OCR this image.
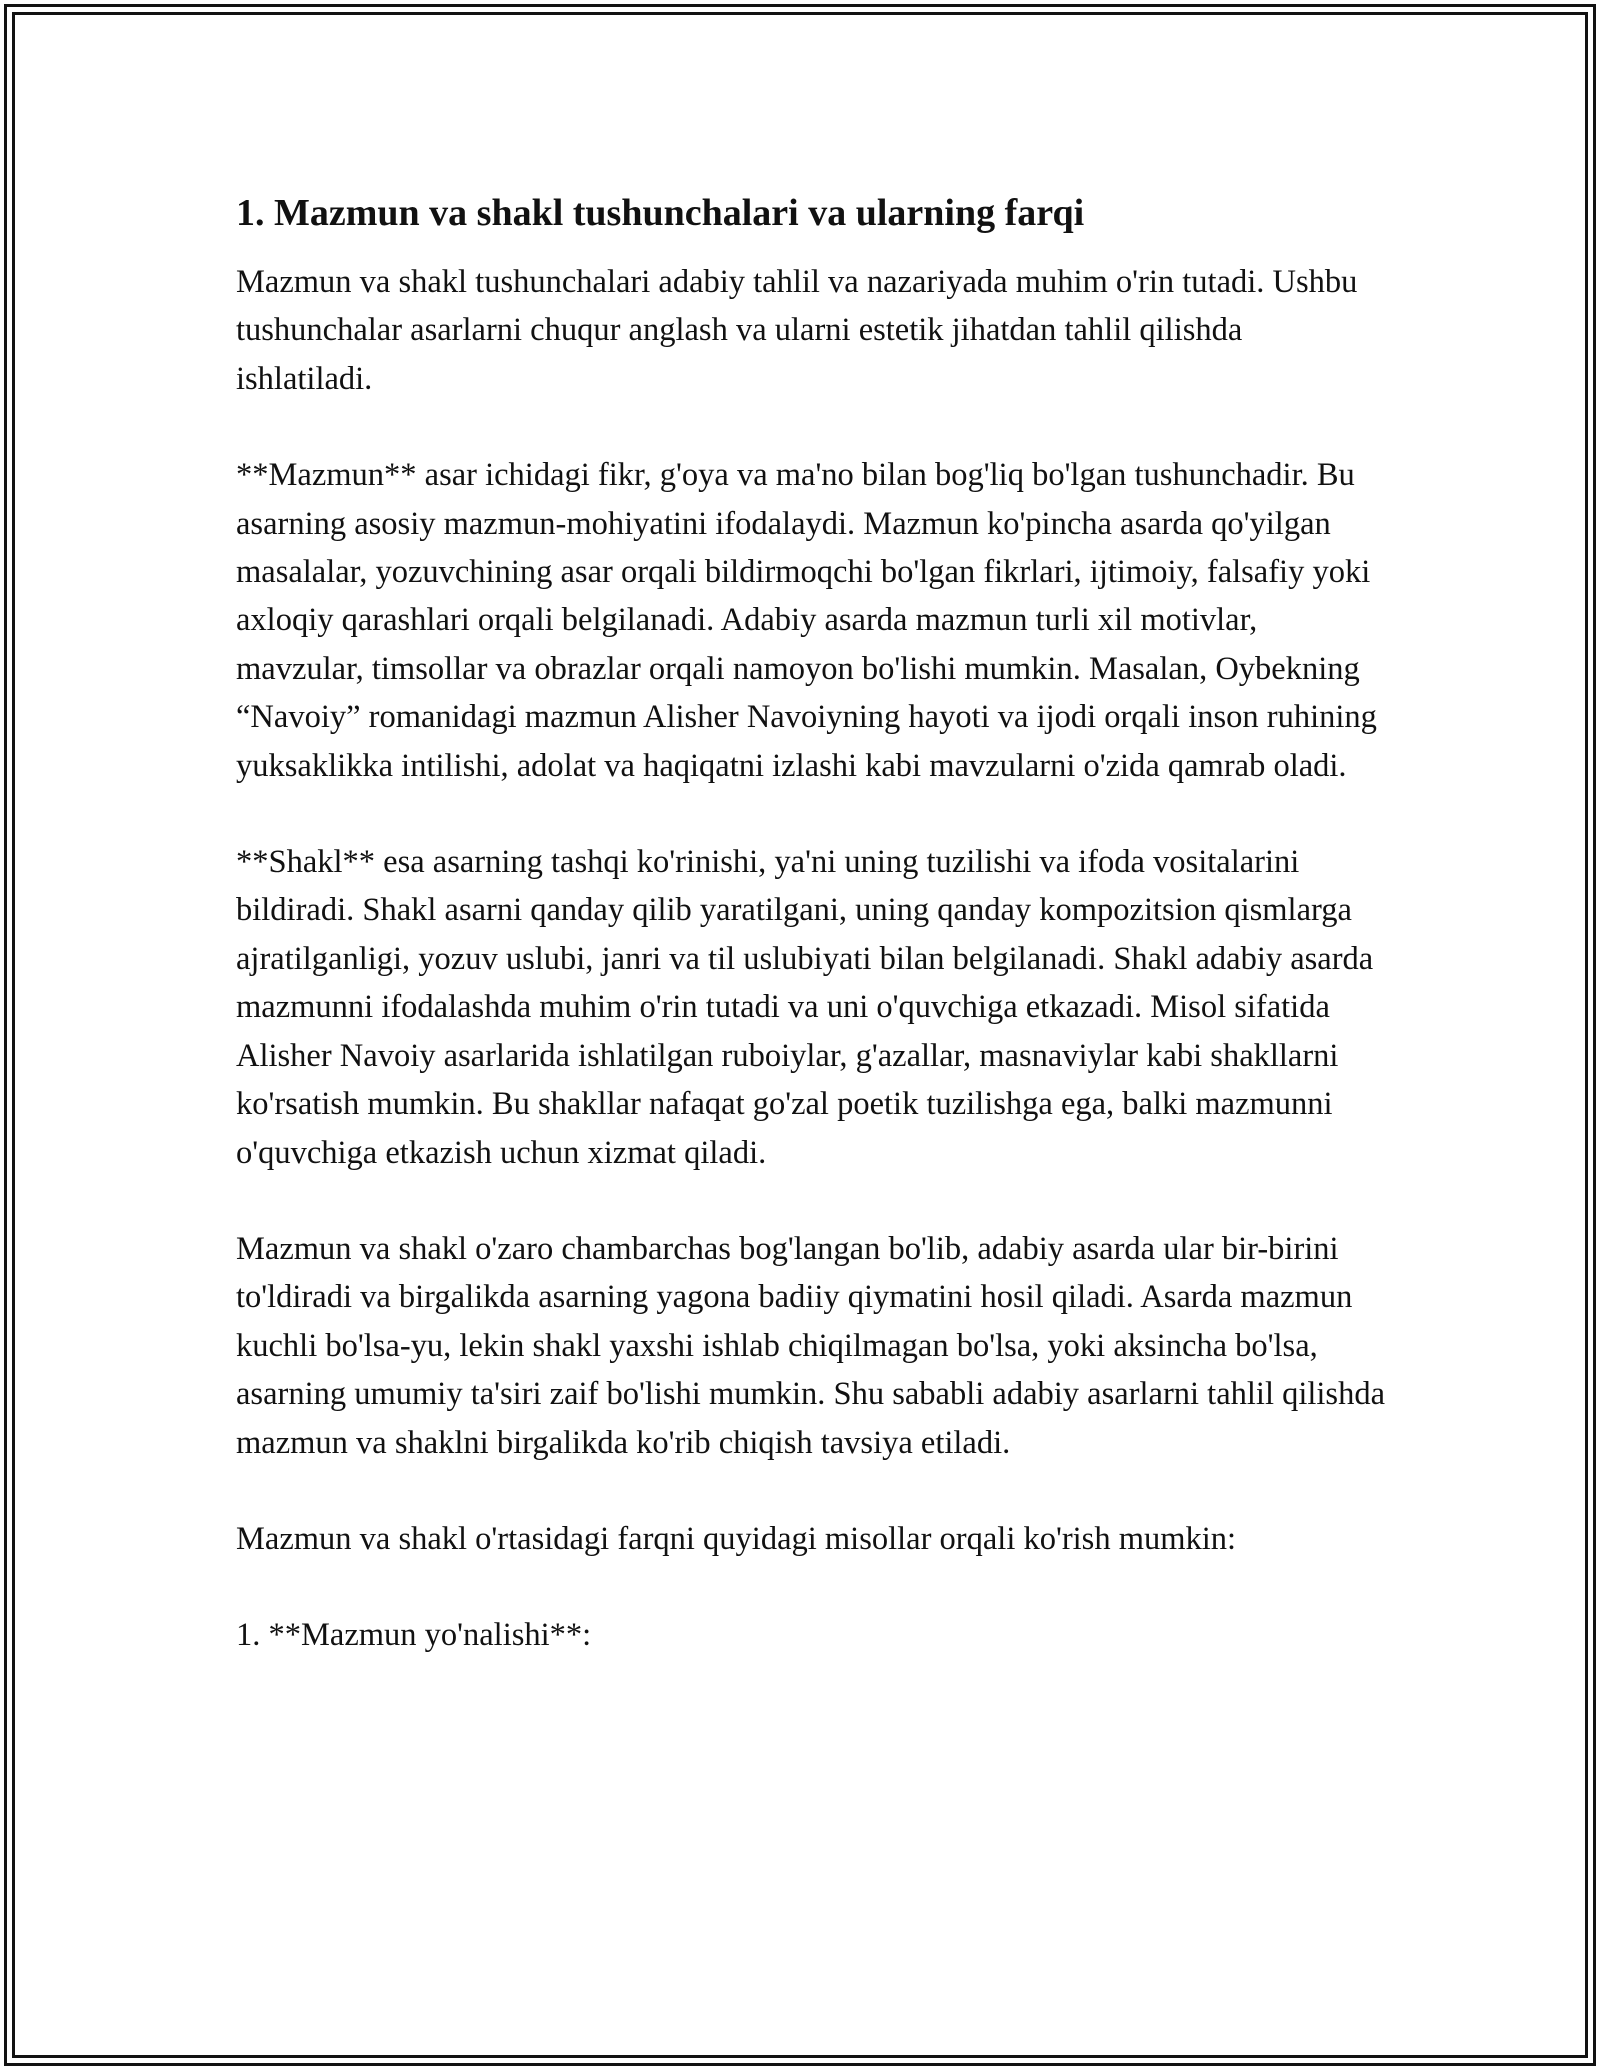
1. Mazmun va shakl tushunchalari va ularning farqi

Mazmun va shakl tushunchalari adabiy tahlil va nazariyada muhim o'rin tutadi. Ushbu tushunchalar asarlarni chuqur anglash va ularni estetik jihatdan tahlil qilishda ishlatiladi.

**Mazmun** asar ichidagi fikr, g'oya va ma'no bilan bog'liq bo'lgan tushunchadir. Bu asarning asosiy mazmun-mohiyatini ifodalaydi. Mazmun ko'pincha asarda qo'yilgan masalalar, yozuvchining asar orqali bildirmoqchi bo'lgan fikrlari, ijtimoiy, falsafiy yoki axloqiy qarashlari orqali belgilanadi. Adabiy asarda mazmun turli xil motivlar, mavzular, timsollar va obrazlar orqali namoyon bo'lishi mumkin. Masalan, Oybekning “Navoiy” romanidagi mazmun Alisher Navoiyning hayoti va ijodi orqali inson ruhining yuksaklikka intilishi, adolat va haqiqatni izlashi kabi mavzularni o'zida qamrab oladi.

**Shakl** esa asarning tashqi ko'rinishi, ya'ni uning tuzilishi va ifoda vositalarini bildiradi. Shakl asarni qanday qilib yaratilgani, uning qanday kompozitsion qismlarga ajratilganligi, yozuv uslubi, janri va til uslubiyati bilan belgilanadi. Shakl adabiy asarda mazmunni ifodalashda muhim o'rin tutadi va uni o'quvchiga etkazadi. Misol sifatida Alisher Navoiy asarlarida ishlatilgan ruboiylar, g'azallar, masnaviylar kabi shakllarni ko'rsatish mumkin. Bu shakllar nafaqat go'zal poetik tuzilishga ega, balki mazmunni o'quvchiga etkazish uchun xizmat qiladi.

Mazmun va shakl o'zaro chambarchas bog'langan bo'lib, adabiy asarda ular bir-birini to'ldiradi va birgalikda asarning yagona badiiy qiymatini hosil qiladi. Asarda mazmun kuchli bo'lsa-yu, lekin shakl yaxshi ishlab chiqilmagan bo'lsa, yoki aksincha bo'lsa, asarning umumiy ta'siri zaif bo'lishi mumkin. Shu sababli adabiy asarlarni tahlil qilishda mazmun va shaklni birgalikda ko'rib chiqish tavsiya etiladi.

Mazmun va shakl o'rtasidagi farqni quyidagi misollar orqali ko'rish mumkin:

1. **Mazmun yo'nalishi**:
